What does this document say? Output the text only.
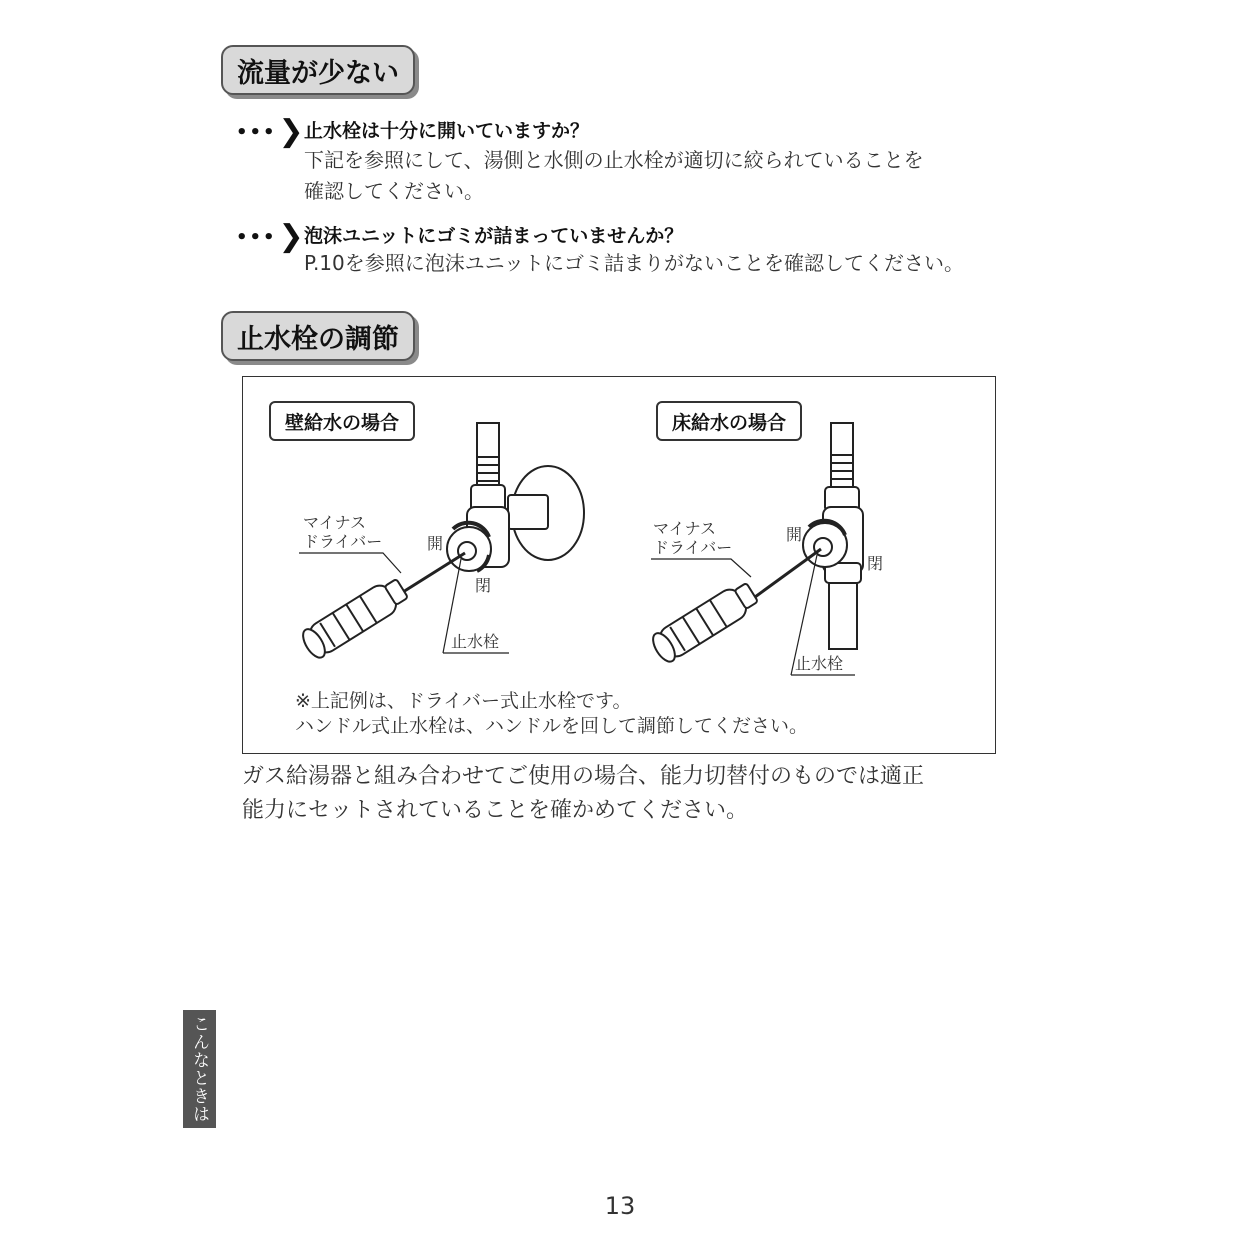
流量が少ない
•••❯
止水栓は十分に開いていますか？
下記を参照にして、湯側と水側の止水栓が適切に絞られていることを
確認してください。
•••❯
泡沫ユニットにゴミが詰まっていませんか？
P.10を参照に泡沫ユニットにゴミ詰まりがないことを確認してください。
止水栓の調節
壁給水の場合
マイナス
ドライバー	開
閉
止水栓
床給水の場合
マイナス
ドライバー
開
閉
止水栓
※上記例は、ドライバー式止水栓です。
ハンドル式止水栓は、ハンドルを回して調節してください。
ガス給湯器と組み合わせてご使用の場合、能力切替付のものでは適正
能力にセットされていることを確かめてください。
こんなときは
13
